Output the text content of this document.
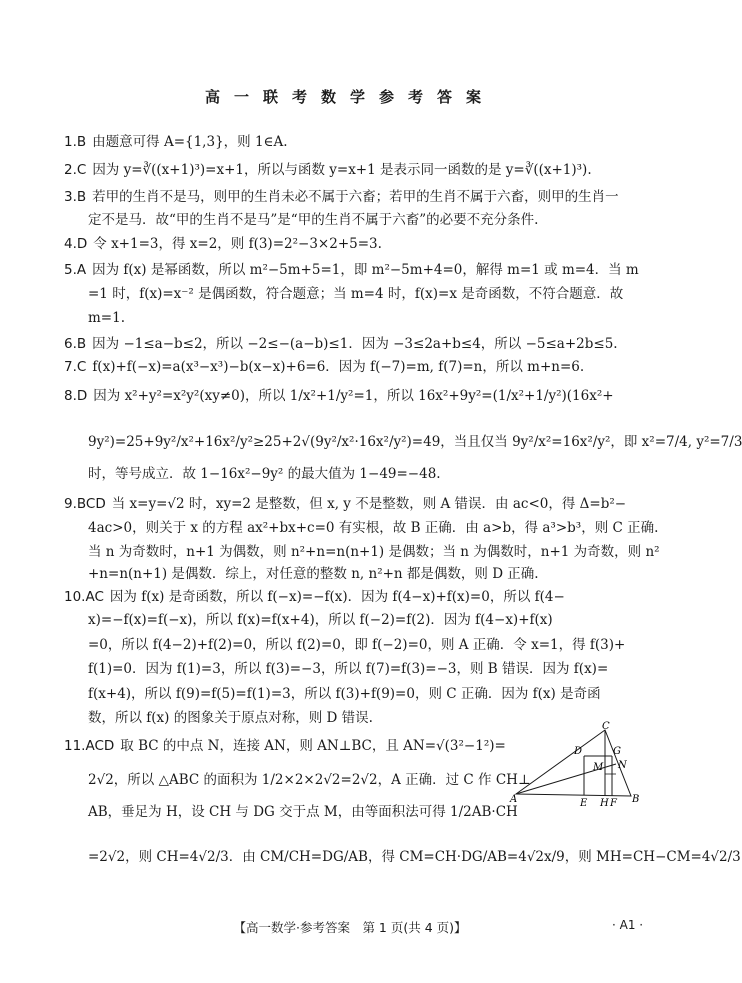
高一联考数学参考答案
1.B 由题意可得 A={1,3}，则 1∈A.
2.C 因为 y=∛((x+1)³)=x+1，所以与函数 y=x+1 是表示同一函数的是 y=∛((x+1)³).
3.B 若甲的生肖不是马，则甲的生肖未必不属于六畜；若甲的生肖不属于六畜，则甲的生肖一
定不是马．故“甲的生肖不是马”是“甲的生肖不属于六畜”的必要不充分条件.
4.D 令 x+1=3，得 x=2，则 f(3)=2²−3×2+5=3.
5.A 因为 f(x) 是幂函数，所以 m²−5m+5=1，即 m²−5m+4=0，解得 m=1 或 m=4．当 m
=1 时，f(x)=x⁻² 是偶函数，符合题意；当 m=4 时，f(x)=x 是奇函数，不符合题意．故
m=1.
6.B 因为 −1≤a−b≤2，所以 −2≤−(a−b)≤1．因为 −3≤2a+b≤4，所以 −5≤a+2b≤5.
7.C f(x)+f(−x)=a(x³−x³)−b(x−x)+6=6．因为 f(−7)=m, f(7)=n，所以 m+n=6.
8.D 因为 x²+y²=x²y²(xy≠0)，所以 1/x²+1/y²=1，所以 16x²+9y²=(1/x²+1/y²)(16x²+
9y²)=25+9y²/x²+16x²/y²≥25+2√(9y²/x²·16x²/y²)=49，当且仅当 9y²/x²=16x²/y²，即 x²=7/4, y²=7/3
时，等号成立．故 1−16x²−9y² 的最大值为 1−49=−48.
9.BCD 当 x=y=√2 时，xy=2 是整数，但 x, y 不是整数，则 A 错误．由 ac<0，得 Δ=b²−
4ac>0，则关于 x 的方程 ax²+bx+c=0 有实根，故 B 正确．由 a>b，得 a³>b³，则 C 正确.
当 n 为奇数时，n+1 为偶数，则 n²+n=n(n+1) 是偶数；当 n 为偶数时，n+1 为奇数，则 n²
+n=n(n+1) 是偶数．综上，对任意的整数 n, n²+n 都是偶数，则 D 正确.
10.AC 因为 f(x) 是奇函数，所以 f(−x)=−f(x)．因为 f(4−x)+f(x)=0，所以 f(4−
x)=−f(x)=f(−x)，所以 f(x)=f(x+4)，所以 f(−2)=f(2)．因为 f(4−x)+f(x)
=0，所以 f(4−2)+f(2)=0，所以 f(2)=0，即 f(−2)=0，则 A 正确．令 x=1，得 f(3)+
f(1)=0．因为 f(1)=3，所以 f(3)=−3，所以 f(7)=f(3)=−3，则 B 错误．因为 f(x)=
f(x+4)，所以 f(9)=f(5)=f(1)=3，所以 f(3)+f(9)=0，则 C 正确．因为 f(x) 是奇函
数，所以 f(x) 的图象关于原点对称，则 D 错误.
11.ACD 取 BC 的中点 N，连接 AN，则 AN⊥BC，且 AN=√(3²−1²)=
2√2，所以 △ABC 的面积为 1/2×2×2√2=2√2，A 正确．过 C 作 CH⊥
AB，垂足为 H，设 CH 与 DG 交于点 M，由等面积法可得 1/2AB·CH
=2√2，则 CH=4√2/3．由 CM/CH=DG/AB，得 CM=CH·DG/AB=4√2x/9，则 MH=CH−CM=4√2/3
C
D	G
M N
A	E H F B
【高一数学·参考答案　第 1 页(共 4 页)】	· A1 ·
